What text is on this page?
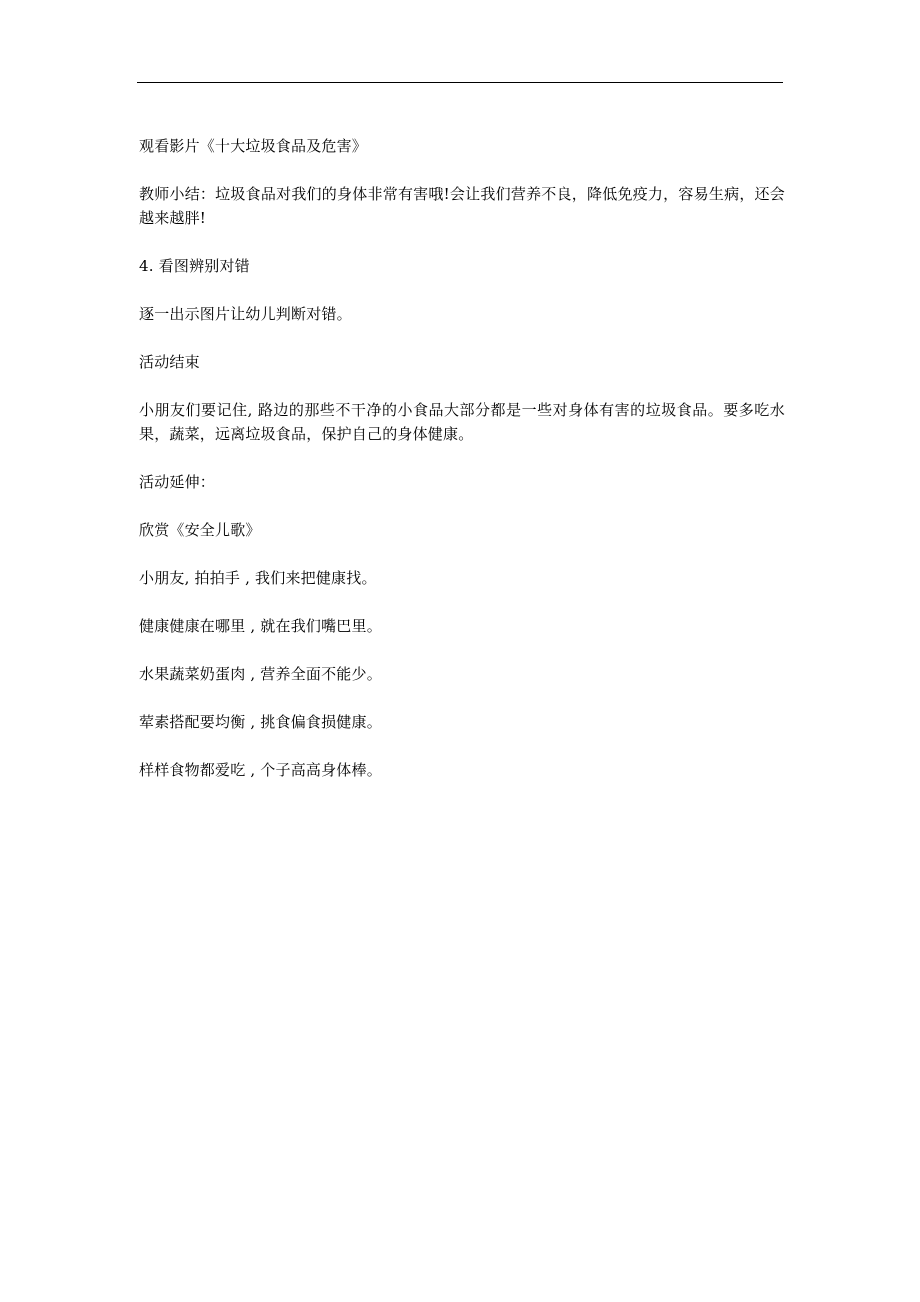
观看影片《十大垃圾食品及危害》

教师小结：垃圾食品对我们的身体非常有害哦!会让我们营养不良，降低免疫力，容易生病，还会越来越胖!

4. 看图辨别对错

逐一出示图片让幼儿判断对错。

活动结束

小朋友们要记住, 路边的那些不干净的小食品大部分都是一些对身体有害的垃圾食品。要多吃水果，蔬菜，远离垃圾食品，保护自己的身体健康。

活动延伸：

欣赏《安全儿歌》

小朋友, 拍拍手 , 我们来把健康找。

健康健康在哪里 , 就在我们嘴巴里。

水果蔬菜奶蛋肉 , 营养全面不能少。

荤素搭配要均衡 , 挑食偏食损健康。

样样食物都爱吃 , 个子高高身体棒。
